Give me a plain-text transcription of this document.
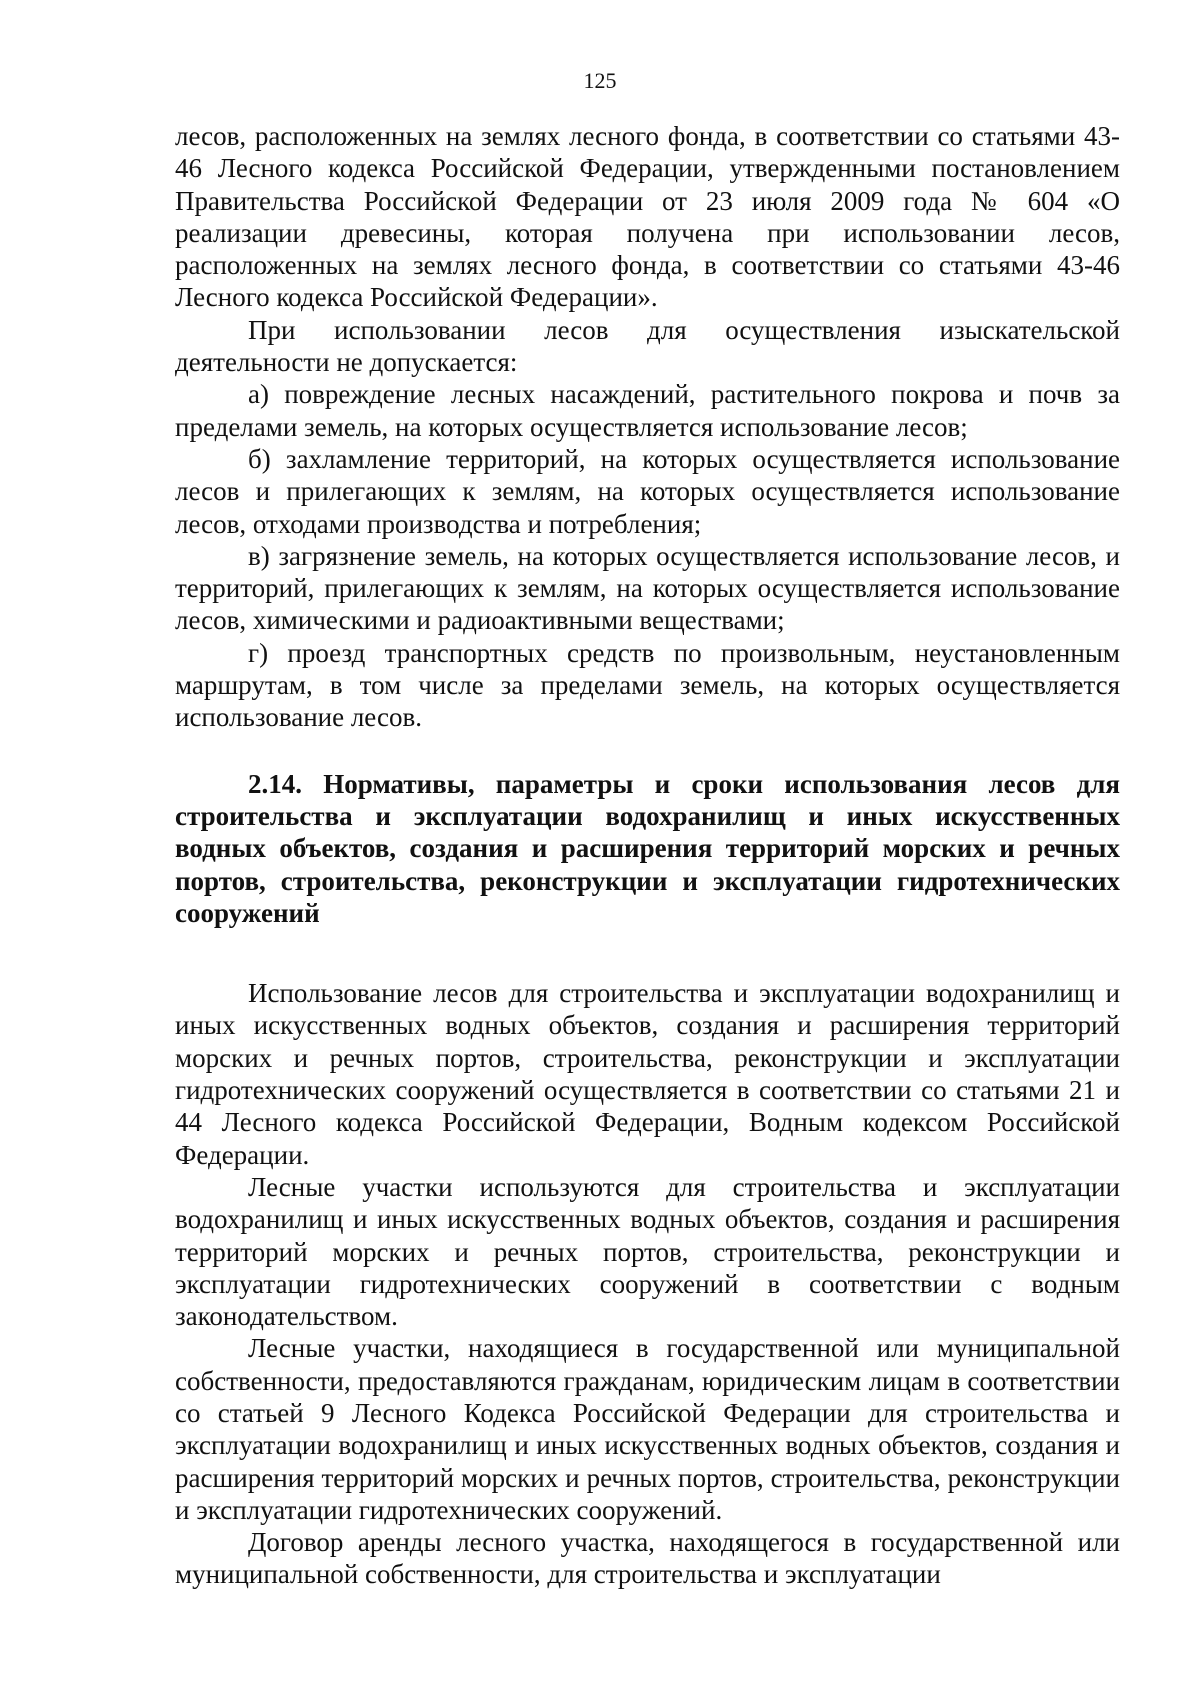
125

лесов, расположенных на землях лесного фонда, в соответствии со статьями 43-46 Лесного кодекса Российской Федерации, утвержденными постановлением Правительства Российской Федерации от 23 июля 2009 года № 604 «О реализации древесины, которая получена при использовании лесов, расположенных на землях лесного фонда, в соответствии со статьями 43-46 Лесного кодекса Российской Федерации».

При использовании лесов для осуществления изыскательской деятельности не допускается:

а) повреждение лесных насаждений, растительного покрова и почв за пределами земель, на которых осуществляется использование лесов;

б) захламление территорий, на которых осуществляется использование лесов и прилегающих к землям, на которых осуществляется использование лесов, отходами производства и потребления;

в) загрязнение земель, на которых осуществляется использование лесов, и территорий, прилегающих к землям, на которых осуществляется использование лесов, химическими и радиоактивными веществами;

г) проезд транспортных средств по произвольным, неустановленным маршрутам, в том числе за пределами земель, на которых осуществляется использование лесов.

2.14. Нормативы, параметры и сроки использования лесов для строительства и эксплуатации водохранилищ и иных искусственных водных объектов, создания и расширения территорий морских и речных портов, строительства, реконструкции и эксплуатации гидротехнических сооружений

Использование лесов для строительства и эксплуатации водохранилищ и иных искусственных водных объектов, создания и расширения территорий морских и речных портов, строительства, реконструкции и эксплуатации гидротехнических сооружений осуществляется в соответствии со статьями 21 и 44 Лесного кодекса Российской Федерации, Водным кодексом Российской Федерации.

Лесные участки используются для строительства и эксплуатации водохранилищ и иных искусственных водных объектов, создания и расширения территорий морских и речных портов, строительства, реконструкции и эксплуатации гидротехнических сооружений в соответствии с водным законодательством.

Лесные участки, находящиеся в государственной или муниципальной собственности, предоставляются гражданам, юридическим лицам в соответствии со статьей 9 Лесного Кодекса Российской Федерации для строительства и эксплуатации водохранилищ и иных искусственных водных объектов, создания и расширения территорий морских и речных портов, строительства, реконструкции и эксплуатации гидротехнических сооружений.

Договор аренды лесного участка, находящегося в государственной или муниципальной собственности, для строительства и эксплуатации
